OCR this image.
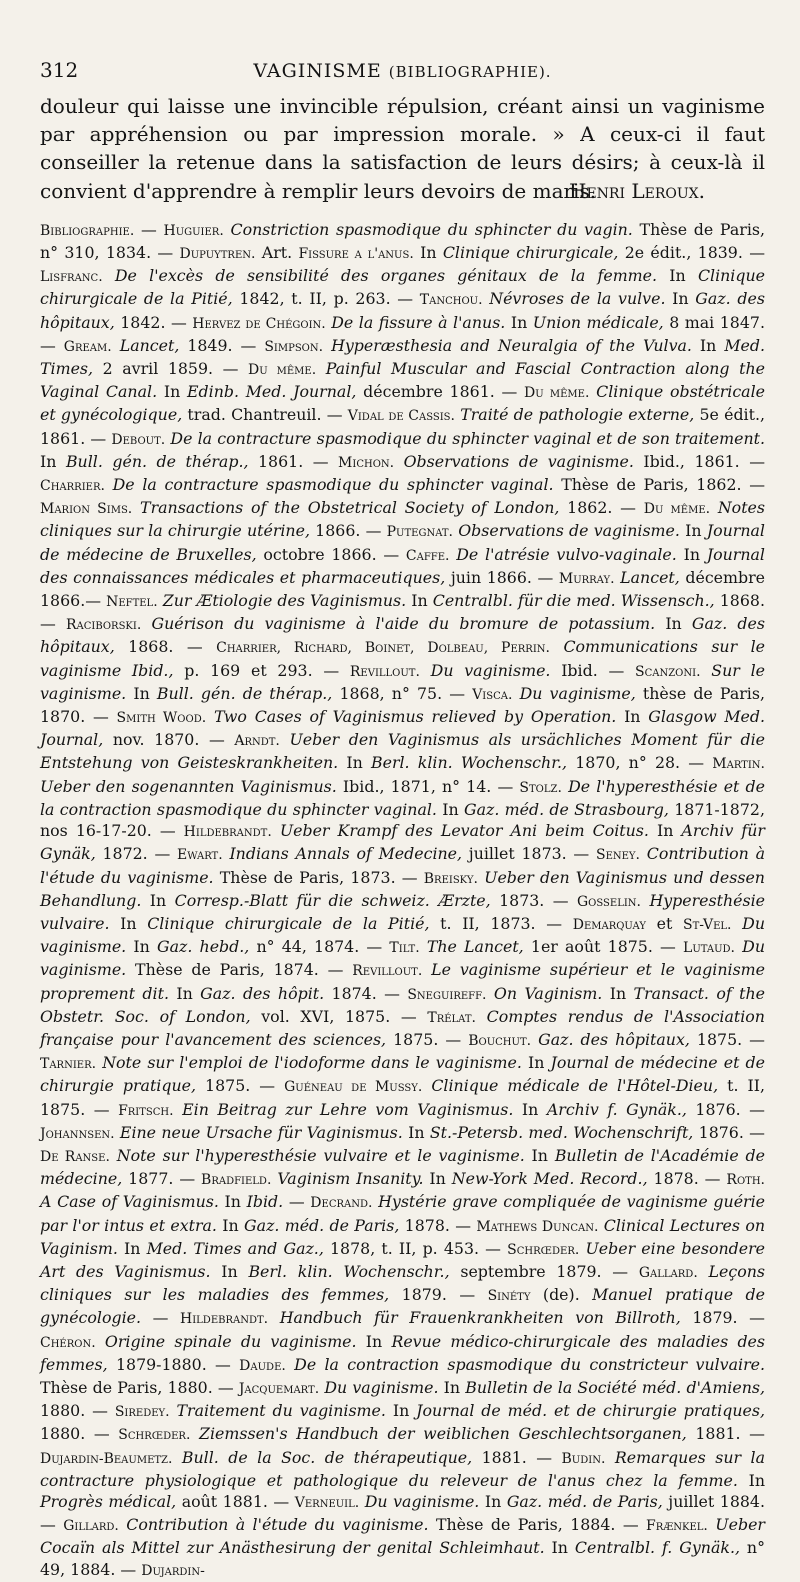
312	VAGINISME (BIBLIOGRAPHIE).

douleur qui laisse une invincible répulsion, créant ainsi un vaginisme par appréhension ou par impression morale. » A ceux-ci il faut conseiller la retenue dans la satisfaction de leurs désirs; à ceux-là il convient d'apprendre à remplir leurs devoirs de maris.

Henri Leroux.
Bibliographie. — Huguier. Constriction spasmodique du sphincter du vagin. Thèse de Paris, n° 310, 1834. — Dupuytren. Art. Fissure a l'anus. In Clinique chirurgicale, 2e édit., 1839. — Lisfranc. De l'excès de sensibilité des organes génitaux de la femme. In Clinique chirurgicale de la Pitié, 1842, t. II, p. 263. — Tanchou. Névroses de la vulve. In Gaz. des hôpitaux, 1842. — Hervez de Chégoin. De la fissure à l'anus. In Union médicale, 8 mai 1847. — Gream. Lancet, 1849. — Simpson. Hyperæsthesia and Neuralgia of the Vulva. In Med. Times, 2 avril 1859. — Du même. Painful Muscular and Fascial Contraction along the Vaginal Canal. In Edinb. Med. Journal, décembre 1861. — Du même. Clinique obstétricale et gynécologique, trad. Chantreuil. — Vidal de Cassis. Traité de pathologie externe, 5e édit., 1861. — Debout. De la contracture spasmodique du sphincter vaginal et de son traitement. In Bull. gén. de thérap., 1861. — Michon. Observations de vaginisme. Ibid., 1861. — Charrier. De la contracture spasmodique du sphincter vaginal. Thèse de Paris, 1862. — Marion Sims. Transactions of the Obstetrical Society of London, 1862. — Du même. Notes cliniques sur la chirurgie utérine, 1866. — Putegnat. Observations de vaginisme. In Journal de médecine de Bruxelles, octobre 1866. — Caffe. De l'atrésie vulvo-vaginale. In Journal des connaissances médicales et pharmaceutiques, juin 1866. — Murray. Lancet, décembre 1866.— Neftel. Zur Ætiologie des Vaginismus. In Centralbl. für die med. Wissensch., 1868. — Raciborski. Guérison du vaginisme à l'aide du bromure de potassium. In Gaz. des hôpitaux, 1868. — Charrier, Richard, Boinet, Dolbeau, Perrin. Communications sur le vaginisme Ibid., p. 169 et 293. — Revillout. Du vaginisme. Ibid. — Scanzoni. Sur le vaginisme. In Bull. gén. de thérap., 1868, n° 75. — Visca. Du vaginisme, thèse de Paris, 1870. — Smith Wood. Two Cases of Vaginismus relieved by Operation. In Glasgow Med. Journal, nov. 1870. — Arndt. Ueber den Vaginismus als ursächliches Moment für die Entstehung von Geisteskrankheiten. In Berl. klin. Wochenschr., 1870, n° 28. — Martin. Ueber den sogenannten Vaginismus. Ibid., 1871, n° 14. — Stolz. De l'hyperesthésie et de la contraction spasmodique du sphincter vaginal. In Gaz. méd. de Strasbourg, 1871-1872, nos 16-17-20. — Hildebrandt. Ueber Krampf des Levator Ani beim Coitus. In Archiv für Gynäk, 1872. — Ewart. Indians Annals of Medecine, juillet 1873. — Seney. Contribution à l'étude du vaginisme. Thèse de Paris, 1873. — Breisky. Ueber den Vaginismus und dessen Behandlung. In Corresp.-Blatt für die schweiz. Ærzte, 1873. — Gosselin. Hyperesthésie vulvaire. In Clinique chirurgicale de la Pitié, t. II, 1873. — Demarquay et St-Vel. Du vaginisme. In Gaz. hebd., n° 44, 1874. — Tilt. The Lancet, 1er août 1875. — Lutaud. Du vaginisme. Thèse de Paris, 1874. — Revillout. Le vaginisme supérieur et le vaginisme proprement dit. In Gaz. des hôpit. 1874. — Sneguireff. On Vaginism. In Transact. of the Obstetr. Soc. of London, vol. XVI, 1875. — Trélat. Comptes rendus de l'Association française pour l'avancement des sciences, 1875. — Bouchut. Gaz. des hôpitaux, 1875. — Tarnier. Note sur l'emploi de l'iodoforme dans le vaginisme. In Journal de médecine et de chirurgie pratique, 1875. — Guéneau de Mussy. Clinique médicale de l'Hôtel-Dieu, t. II, 1875. — Fritsch. Ein Beitrag zur Lehre vom Vaginismus. In Archiv f. Gynäk., 1876. — Johannsen. Eine neue Ursache für Vaginismus. In St.-Petersb. med. Wochenschrift, 1876. — De Ranse. Note sur l'hyperesthésie vulvaire et le vaginisme. In Bulletin de l'Académie de médecine, 1877. — Bradfield. Vaginism Insanity. In New-York Med. Record., 1878. — Roth. A Case of Vaginismus. In Ibid. — Decrand. Hystérie grave compliquée de vaginisme guérie par l'or intus et extra. In Gaz. méd. de Paris, 1878. — Mathews Duncan. Clinical Lectures on Vaginism. In Med. Times and Gaz., 1878, t. II, p. 453. — Schrœder. Ueber eine besondere Art des Vaginismus. In Berl. klin. Wochenschr., septembre 1879. — Gallard. Leçons cliniques sur les maladies des femmes, 1879. — Sinéty (de). Manuel pratique de gynécologie. — Hildebrandt. Handbuch für Frauenkrankheiten von Billroth, 1879. — Chéron. Origine spinale du vaginisme. In Revue médico-chirurgicale des maladies des femmes, 1879-1880. — Daude. De la contraction spasmodique du constricteur vulvaire. Thèse de Paris, 1880. — Jacquemart. Du vaginisme. In Bulletin de la Société méd. d'Amiens, 1880. — Siredey. Traitement du vaginisme. In Journal de méd. et de chirurgie pratiques, 1880. — Schrœder. Ziemssen's Handbuch der weiblichen Geschlechtsorganen, 1881. — Dujardin-Beaumetz. Bull. de la Soc. de thérapeutique, 1881. — Budin. Remarques sur la contracture physiologique et pathologique du releveur de l'anus chez la femme. In Progrès médical, août 1881. — Verneuil. Du vaginisme. In Gaz. méd. de Paris, juillet 1884. — Gillard. Contribution à l'étude du vaginisme. Thèse de Paris, 1884. — Frænkel. Ueber Cocaïn als Mittel zur Anästhesirung der genital Schleimhaut. In Centralbl. f. Gynäk., n° 49, 1884. — Dujardin-
